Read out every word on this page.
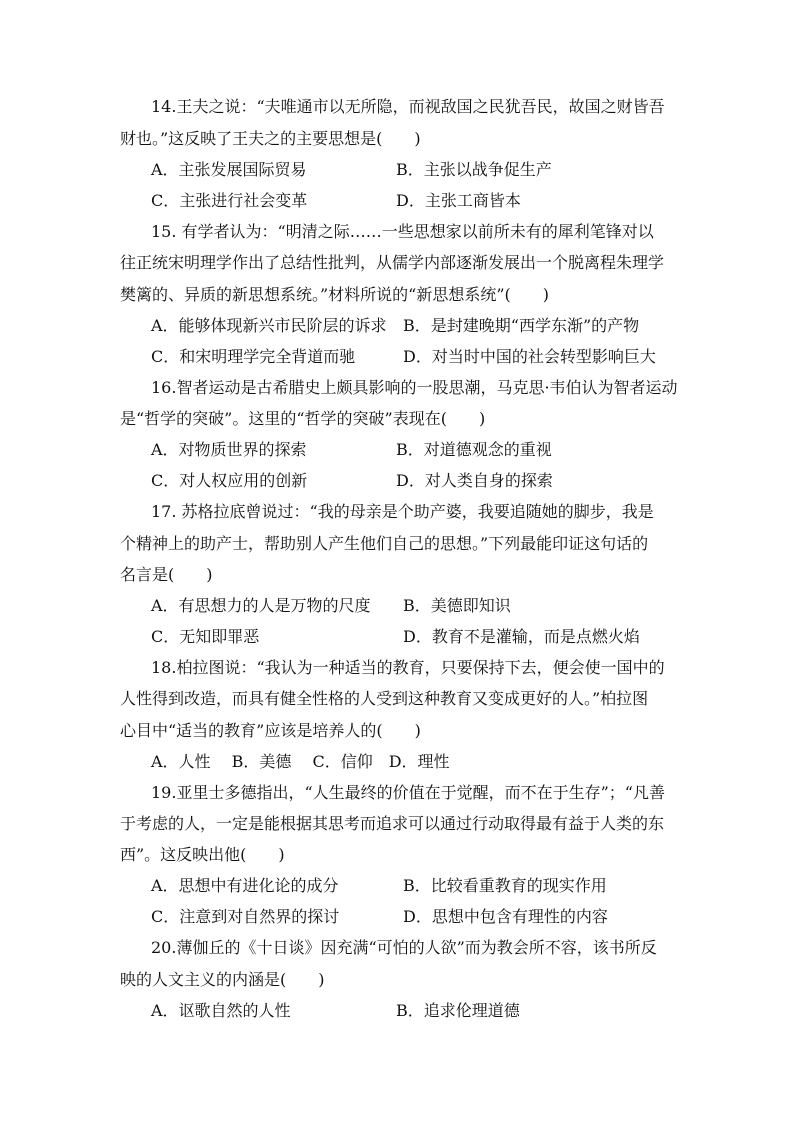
14.王夫之说：“夫唯通市以无所隐，而视敌国之民犹吾民，故国之财皆吾
财也。”这反映了王夫之的主要思想是(　　)
A．主张发展国际贸易	B．主张以战争促生产
C．主张进行社会变革	D．主张工商皆本
15. 有学者认为：“明清之际……一些思想家以前所未有的犀利笔锋对以
往正统宋明理学作出了总结性批判，从儒学内部逐渐发展出一个脱离程朱理学
樊篱的、异质的新思想系统。”材料所说的“新思想系统”(　　)
A．能够体现新兴市民阶层的诉求 B．是封建晚期“西学东渐”的产物
C．和宋明理学完全背道而驰	D．对当时中国的社会转型影响巨大
16.智者运动是古希腊史上颇具影响的一股思潮，马克思·韦伯认为智者运动
是“哲学的突破”。这里的“哲学的突破”表现在(　　)
A．对物质世界的探索	B．对道德观念的重视
C．对人权应用的创新	D．对人类自身的探索
17. 苏格拉底曾说过：“我的母亲是个助产婆，我要追随她的脚步，我是
个精神上的助产士，帮助别人产生他们自己的思想。”下列最能印证这句话的
名言是(　　)
A．有思想力的人是万物的尺度 B．美德即知识
C．无知即罪恶	D．教育不是灌输，而是点燃火焰
18.柏拉图说：“我认为一种适当的教育，只要保持下去，便会使一国中的
人性得到改造，而具有健全性格的人受到这种教育又变成更好的人。”柏拉图
心目中“适当的教育”应该是培养人的(　　)
A．人性　 B．美德　 C．信仰　D．理性
19.亚里士多德指出，“人生最终的价值在于觉醒，而不在于生存”；“凡善
于考虑的人，一定是能根据其思考而追求可以通过行动取得最有益于人类的东
西”。这反映出他(　　)
A．思想中有进化论的成分	B．比较看重教育的现实作用
C．注意到对自然界的探讨	D．思想中包含有理性的内容
20.薄伽丘的《十日谈》因充满“可怕的人欲”而为教会所不容，该书所反
映的人文主义的内涵是(　　)
A．讴歌自然的人性	B．追求伦理道德
